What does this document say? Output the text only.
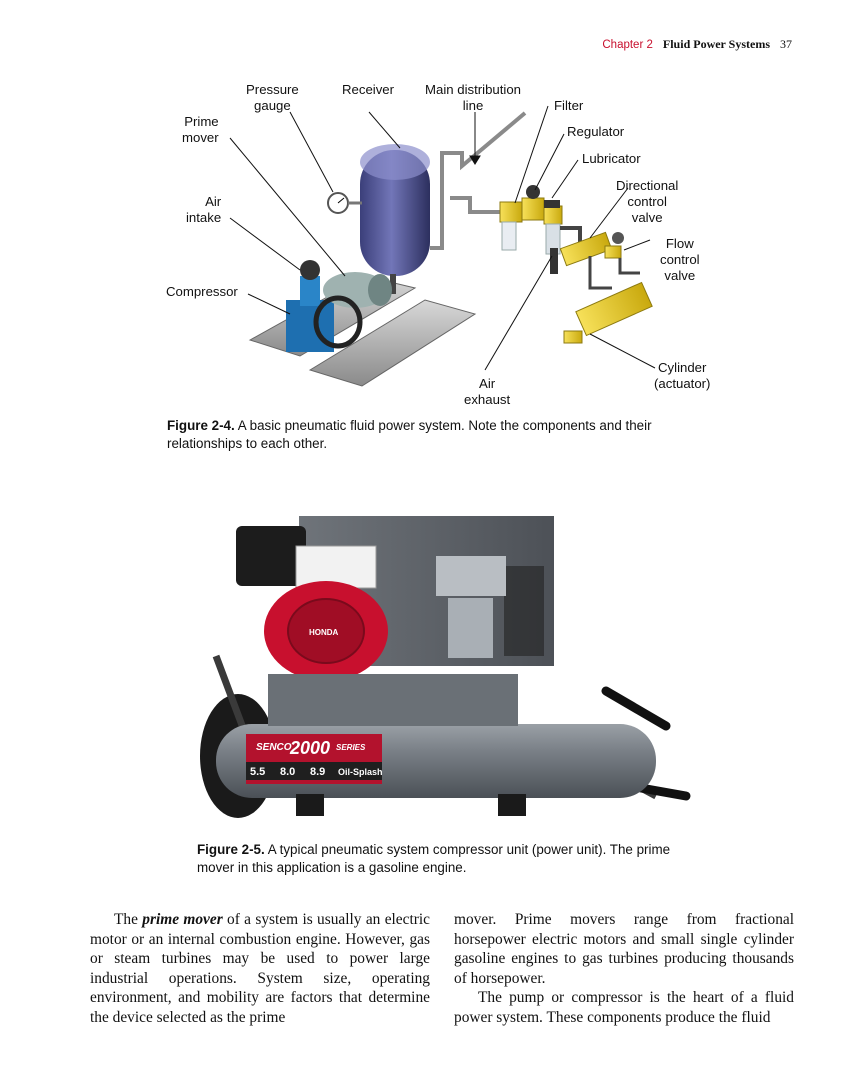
Chapter 2 Fluid Power Systems 37
Pressure
gauge
Receiver Main distribution
line	Filter
Regulator
Lubricator
Prime
mover
Air
intake
Compressor
Directional
control
valve
Flow
control
valve
Air
exhaust
Cylinder
(actuator)
Figure 2-4. A basic pneumatic fluid power system. Note the components and their relationships to each other.
SENCO
2000 SERIES
5.5 8.0 8.9 Oil-Splash
HONDA
Figure 2-5. A typical pneumatic system compressor unit (power unit). The prime mover in this application is a gasoline engine.

The prime mover of a system is usually an electric motor or an internal combustion engine. However, gas or steam turbines may be used to power large industrial operations. System size, operating environment, and mobility are factors that determine the device selected as the prime

mover. Prime movers range from fractional horsepower electric motors and small single cylinder gasoline engines to gas turbines producing thousands of horsepower.

The pump or compressor is the heart of a fluid power system. These components produce the fluid
